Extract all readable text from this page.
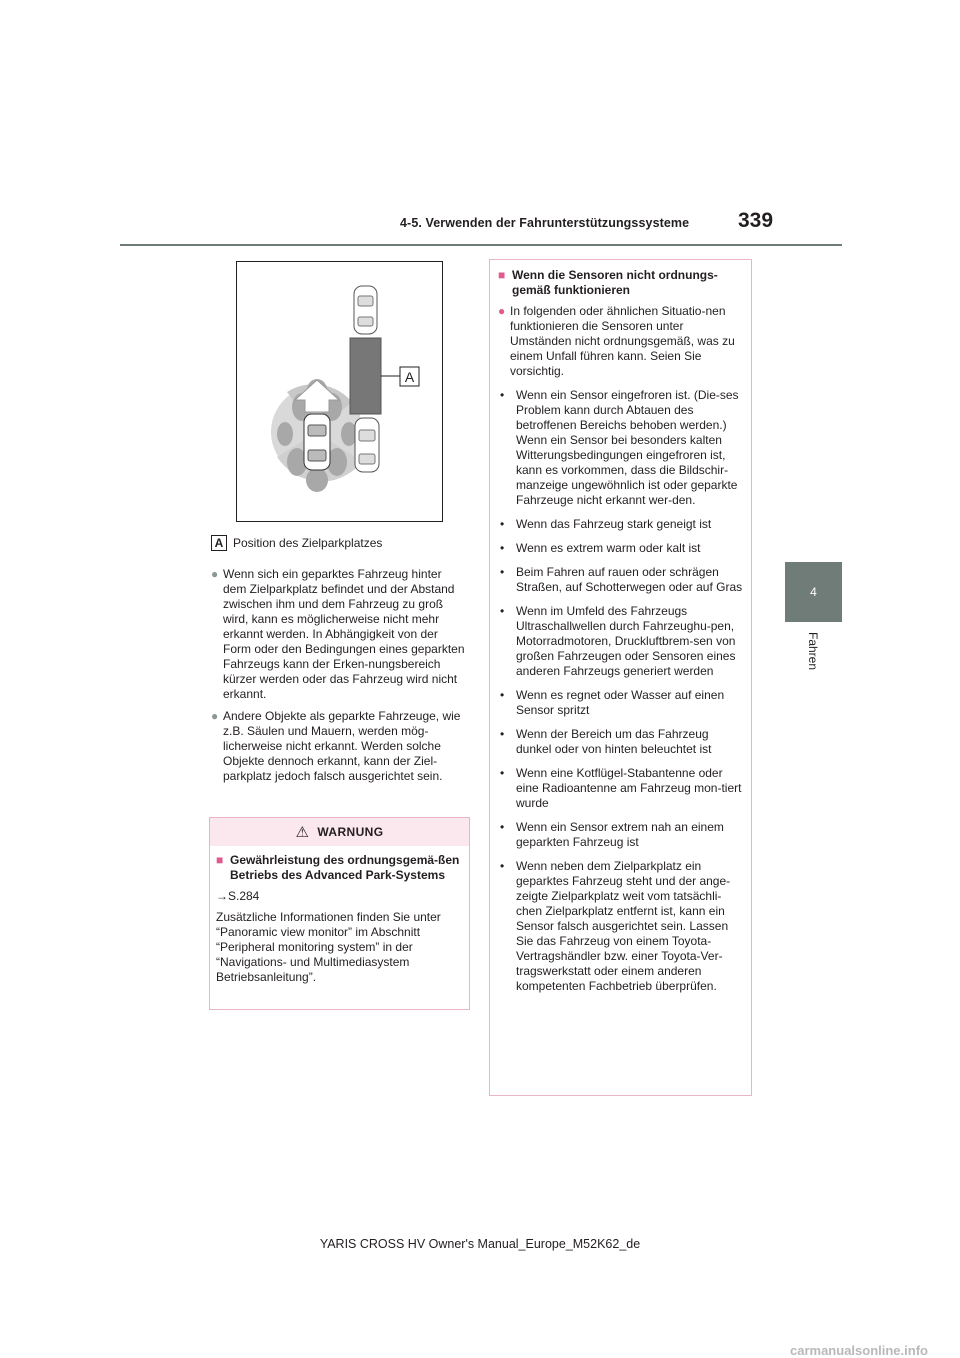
4-5. Verwenden der Fahrunterstützungssysteme 339
4
Fahren
A
A Position des Zielparkplatzes
● Wenn sich ein geparktes Fahrzeug hinter dem Zielparkplatz befindet und der Abstand zwischen ihm und dem Fahrzeug zu groß wird, kann es möglicherweise nicht mehr erkannt werden. In Abhängigkeit von der Form oder den Bedingungen eines geparkten Fahrzeugs kann der Erken-nungsbereich kürzer werden oder das Fahrzeug wird nicht erkannt.
● Andere Objekte als geparkte Fahrzeuge, wie z.B. Säulen und Mauern, werden mög-licherweise nicht erkannt. Werden solche Objekte dennoch erkannt, kann der Ziel-parkplatz jedoch falsch ausgerichtet sein.
⚠ WARNUNG
■ Gewährleistung des ordnungsgemä-ßen Betriebs des Advanced Park-Systems
→S.284
Zusätzliche Informationen finden Sie unter “Panoramic view monitor” im Abschnitt “Peripheral monitoring system” in der “Navigations- und Multimediasystem Betriebsanleitung”.
■ Wenn die Sensoren nicht ordnungs-gemäß funktionieren
● In folgenden oder ähnlichen Situatio-nen funktionieren die Sensoren unter Umständen nicht ordnungsgemäß, was zu einem Unfall führen kann. Seien Sie vorsichtig.
• Wenn ein Sensor eingefroren ist. (Die-ses Problem kann durch Abtauen des betroffenen Bereichs behoben werden.) Wenn ein Sensor bei besonders kalten Witterungsbedingungen eingefroren ist, kann es vorkommen, dass die Bildschir-manzeige ungewöhnlich ist oder geparkte Fahrzeuge nicht erkannt wer-den.
• Wenn das Fahrzeug stark geneigt ist
• Wenn es extrem warm oder kalt ist
• Beim Fahren auf rauen oder schrägen Straßen, auf Schotterwegen oder auf Gras
• Wenn im Umfeld des Fahrzeugs Ultraschallwellen durch Fahrzeughu-pen, Motorradmotoren, Druckluftbrem-sen von großen Fahrzeugen oder Sensoren eines anderen Fahrzeugs generiert werden
• Wenn es regnet oder Wasser auf einen Sensor spritzt
• Wenn der Bereich um das Fahrzeug dunkel oder von hinten beleuchtet ist
• Wenn eine Kotflügel-Stabantenne oder eine Radioantenne am Fahrzeug mon-tiert wurde
• Wenn ein Sensor extrem nah an einem geparkten Fahrzeug ist
• Wenn neben dem Zielparkplatz ein geparktes Fahrzeug steht und der ange-zeigte Zielparkplatz weit vom tatsächli-chen Zielparkplatz entfernt ist, kann ein Sensor falsch ausgerichtet sein. Lassen Sie das Fahrzeug von einem Toyota-Vertragshändler bzw. einer Toyota-Ver-tragswerkstatt oder einem anderen kompetenten Fachbetrieb überprüfen.
YARIS CROSS HV Owner's Manual_Europe_M52K62_de
carmanualsonline.info
